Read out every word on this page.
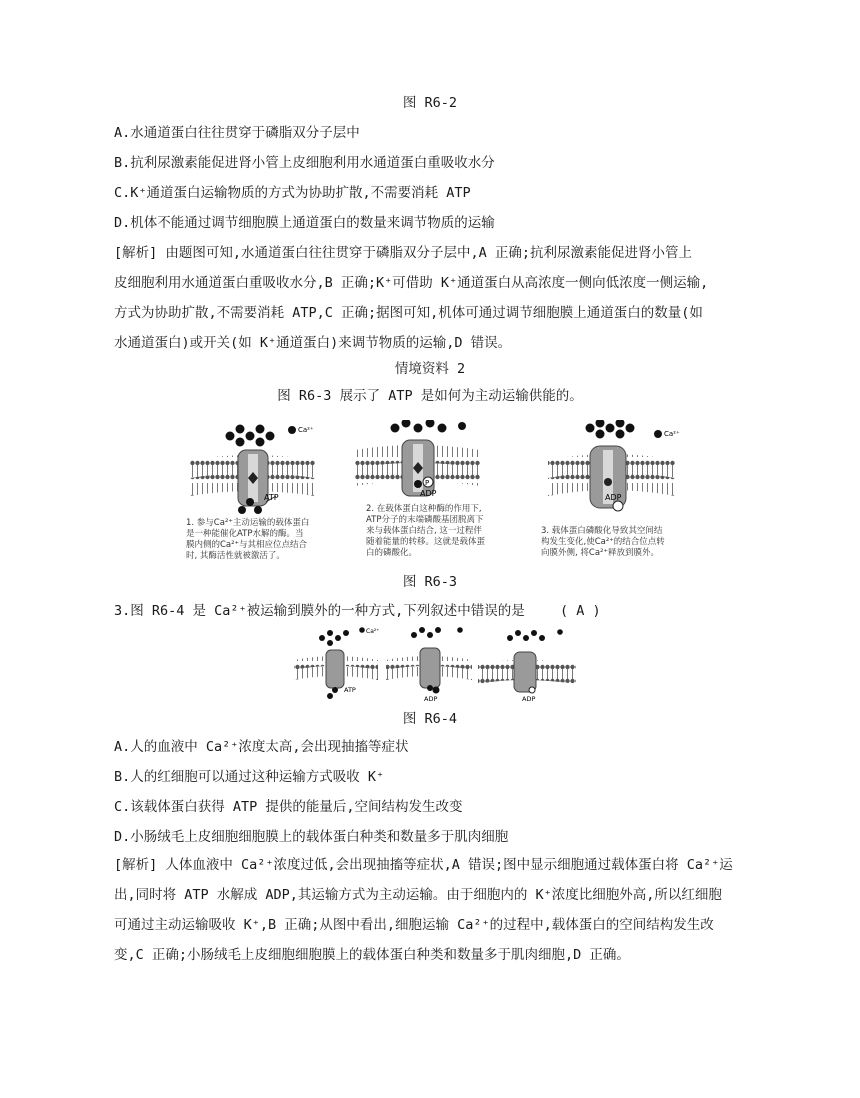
图 R6-2
A.水通道蛋白往往贯穿于磷脂双分子层中
B.抗利尿激素能促进肾小管上皮细胞利用水通道蛋白重吸收水分
C.K⁺通道蛋白运输物质的方式为协助扩散,不需要消耗 ATP
D.机体不能通过调节细胞膜上通道蛋白的数量来调节物质的运输
[解析] 由题图可知,水通道蛋白往往贯穿于磷脂双分子层中,A 正确;抗利尿激素能促进肾小管上
皮细胞利用水通道蛋白重吸收水分,B 正确;K⁺可借助 K⁺通道蛋白从高浓度一侧向低浓度一侧运输,
方式为协助扩散,不需要消耗 ATP,C 正确;据图可知,机体可通过调节细胞膜上通道蛋白的数量(如
水通道蛋白)或开关(如 K⁺通道蛋白)来调节物质的运输,D 错误。
情境资料 2
图 R6-3 展示了 ATP 是如何为主动运输供能的。
Ca²⁺
ATP
P
ADP
Ca²⁺
ADP
1. 参与Ca²⁺主动运输的载体蛋白
是一种能催化ATP水解的酶。当
膜内侧的Ca²⁺与其相应位点结合
时, 其酶活性就被激活了。
2. 在载体蛋白这种酶的作用下,
ATP分子的末端磷酸基团脱离下
来与载体蛋白结合, 这一过程伴
随着能量的转移。这就是载体蛋
白的磷酸化。
3. 载体蛋白磷酸化导致其空间结
构发生变化,使Ca²⁺的结合位点转
向膜外侧, 将Ca²⁺释放到膜外。
图 R6-3
3.图 R6-4 是 Ca²⁺被运输到膜外的一种方式,下列叙述中错误的是	( A )
Ca²⁺
ATP
ADP	ADP
图 R6-4
A.人的血液中 Ca²⁺浓度太高,会出现抽搐等症状
B.人的红细胞可以通过这种运输方式吸收 K⁺
C.该载体蛋白获得 ATP 提供的能量后,空间结构发生改变
D.小肠绒毛上皮细胞细胞膜上的载体蛋白种类和数量多于肌肉细胞
[解析] 人体血液中 Ca²⁺浓度过低,会出现抽搐等症状,A 错误;图中显示细胞通过载体蛋白将 Ca²⁺运
出,同时将 ATP 水解成 ADP,其运输方式为主动运输。由于细胞内的 K⁺浓度比细胞外高,所以红细胞
可通过主动运输吸收 K⁺,B 正确;从图中看出,细胞运输 Ca²⁺的过程中,载体蛋白的空间结构发生改
变,C 正确;小肠绒毛上皮细胞细胞膜上的载体蛋白种类和数量多于肌肉细胞,D 正确。
